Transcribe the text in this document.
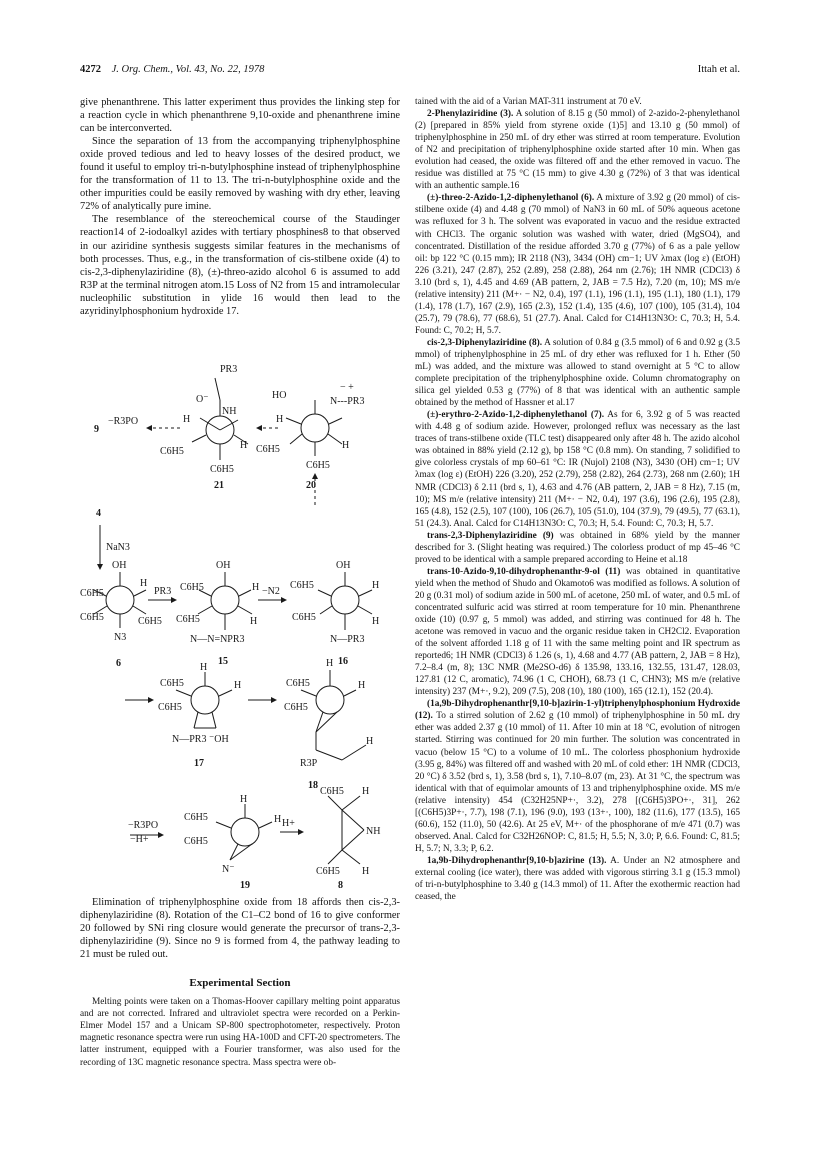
4272 J. Org. Chem., Vol. 43, No. 22, 1978	Ittah et al.

give phenanthrene. This latter experiment thus provides the linking step for a reaction cycle in which phenanthrene 9,10-oxide and phenanthrene imine can be interconverted.

Since the separation of 13 from the accompanying triphenylphosphine oxide proved tedious and led to heavy losses of the desired product, we found it useful to employ tri-n-butylphosphine instead of triphenylphosphine for the transformation of 11 to 13. The tri-n-butylphosphine oxide and the other impurities could be easily removed by washing with dry ether, leaving 72% of analytically pure imine.

The resemblance of the stereochemical course of the Staudinger reaction14 of 2-iodoalkyl azides with tertiary phosphines8 to that observed in our aziridine synthesis suggests similar features in the mechanisms of both processes. Thus, e.g., in the transformation of cis-stilbene oxide (4) to cis-2,3-diphenylaziridine (8), (±)-threo-azido alcohol 6 is assumed to add R3P at the terminal nitrogen atom.15 Loss of N2 from 15 and intramolecular nucleophilic substitution in ylide 16 would then lead to the azyridinylphosphonium hydroxide 17.

PR3
O⁻
NH
H
H
C6H5
C6H5
−R3PO
9
21
HO
− +
N---PR3
H
H
C6H5
C6H5
20
4
NaN3
OH
C6H5
H
C6H5	C6H5
N3
6
PR3
OH
C6H5	H
C6H5	H
N—N=NPR3
15
−N2
OH
C6H5	H
C6H5	H
N—PR3
16
H
C6H5	H
C6H5
N—PR3 ⁻OH
17
H
C6H5	H
C6H5
R3P
H
18
−R3PO
−H+
H
C6H5	H
C6H5
N⁻
19
H+
C6H5 H
NH
C6H5 H
8

Elimination of triphenylphosphine oxide from 18 affords then cis-2,3-diphenylaziridine (8). Rotation of the C1–C2 bond of 16 to give conformer 20 followed by SNi ring closure would generate the precursor of trans-2,3-diphenylaziridine (9). Since no 9 is formed from 4, the pathway leading to 21 must be ruled out.

Experimental Section

Melting points were taken on a Thomas-Hoover capillary melting point apparatus and are not corrected. Infrared and ultraviolet spectra were recorded on a Perkin-Elmer Model 157 and a Unicam SP-800 spectrophotometer, respectively. Proton magnetic resonance spectra were run using HA-100D and CFT-20 spectrometers. The latter instrument, equipped with a Fourier transformer, was also used for the recording of 13C magnetic resonance spectra. Mass spectra were ob-

tained with the aid of a Varian MAT-311 instrument at 70 eV.

2-Phenylaziridine (3). A solution of 8.15 g (50 mmol) of 2-azido-2-phenylethanol (2) [prepared in 85% yield from styrene oxide (1)5] and 13.10 g (50 mmol) of triphenylphosphine in 250 mL of dry ether was stirred at room temperature. Evolution of N2 and precipitation of triphenylphosphine oxide started after 10 min. When gas evolution had ceased, the oxide was filtered off and the ether removed in vacuo. The residue was distilled at 75 °C (15 mm) to give 4.30 g (72%) of 3 that was identical with an authentic sample.16

(±)-threo-2-Azido-1,2-diphenylethanol (6). A mixture of 3.92 g (20 mmol) of cis-stilbene oxide (4) and 4.48 g (70 mmol) of NaN3 in 60 mL of 50% aqueous acetone was refluxed for 3 h. The solvent was evaporated in vacuo and the residue extracted with CHCl3. The organic solution was washed with water, dried (MgSO4), and concentrated. Distillation of the residue afforded 3.70 g (77%) of 6 as a pale yellow oil: bp 122 °C (0.15 mm); IR 2118 (N3), 3434 (OH) cm−1; UV λmax (log ε) (EtOH) 226 (3.21), 247 (2.87), 252 (2.89), 258 (2.88), 264 nm (2.76); 1H NMR (CDCl3) δ 3.10 (brd s, 1), 4.45 and 4.69 (AB pattern, 2, JAB = 7.5 Hz), 7.20 (m, 10); MS m/e (relative intensity) 211 (M+· − N2, 0.4), 197 (1.1), 196 (1.1), 195 (1.1), 180 (1.1), 179 (1.4), 178 (1.7), 167 (2.9), 165 (2.3), 152 (1.4), 135 (4.6), 107 (100), 105 (31.4), 104 (25.7), 79 (78.6), 77 (68.6), 51 (27.7). Anal. Calcd for C14H13N3O: C, 70.3; H, 5.4. Found: C, 70.2; H, 5.7.

cis-2,3-Diphenylaziridine (8). A solution of 0.84 g (3.5 mmol) of 6 and 0.92 g (3.5 mmol) of triphenylphosphine in 25 mL of dry ether was refluxed for 1 h. Ether (50 mL) was added, and the mixture was allowed to stand overnight at 5 °C to allow complete precipitation of the triphenylphosphine oxide. Column chromatography on silica gel yielded 0.53 g (77%) of 8 that was identical with an authentic sample obtained by the method of Hassner et al.17

(±)-erythro-2-Azido-1,2-diphenylethanol (7). As for 6, 3.92 g of 5 was reacted with 4.48 g of sodium azide. However, prolonged reflux was necessary as the last traces of trans-stilbene oxide (TLC test) disappeared only after 48 h. The azido alcohol was obtained in 88% yield (2.12 g), bp 158 °C (0.8 mm). On standing, 7 solidified to give colorless crystals of mp 60–61 °C: IR (Nujol) 2108 (N3), 3430 (OH) cm−1; UV λmax (log ε) (EtOH) 226 (3.20), 252 (2.79), 258 (2.82), 264 (2.73), 268 nm (2.60); 1H NMR (CDCl3) δ 2.11 (brd s, 1), 4.63 and 4.76 (AB pattern, 2, JAB = 8 Hz), 7.15 (m, 10); MS m/e (relative intensity) 211 (M+· − N2, 0.4), 197 (3.6), 196 (2.6), 195 (2.8), 165 (4.8), 152 (2.5), 107 (100), 106 (26.7), 105 (51.0), 104 (37.9), 79 (49.5), 77 (63.1), 51 (24.3). Anal. Calcd for C14H13N3O: C, 70.3; H, 5.4. Found: C, 70.3; H, 5.7.

trans-2,3-Diphenylaziridine (9) was obtained in 68% yield by the manner described for 3. (Slight heating was required.) The colorless product of mp 45–46 °C proved to be identical with a sample prepared according to Heine et al.18

trans-10-Azido-9,10-dihydrophenanthr-9-ol (11) was obtained in quantitative yield when the method of Shudo and Okamoto6 was modified as follows. A solution of 20 g (0.31 mol) of sodium azide in 500 mL of acetone, 250 mL of water, and 0.5 mL of concentrated sulfuric acid was stirred at room temperature for 10 min. Phenanthrene oxide (10) (0.97 g, 5 mmol) was added, and stirring was continued for 48 h. The acetone was removed in vacuo and the organic residue taken in CH2Cl2. Evaporation of the solvent afforded 1.18 g of 11 with the same melting point and IR spectrum as reported6; 1H NMR (CDCl3) δ 1.26 (s, 1), 4.68 and 4.77 (AB pattern, 2, JAB = 8 Hz), 7.2–8.4 (m, 8); 13C NMR (Me2SO-d6) δ 135.98, 133.16, 132.55, 131.47, 128.03, 127.81 (12 C, aromatic), 74.96 (1 C, CHOH), 68.73 (1 C, CHN3); MS m/e (relative intensity) 237 (M+·, 9.2), 209 (7.5), 208 (10), 180 (100), 165 (12.1), 152 (20.4).

(1a,9b-Dihydrophenanthr[9,10-b]azirin-1-yl)triphenylphosphonium Hydroxide (12). To a stirred solution of 2.62 g (10 mmol) of triphenylphosphine in 50 mL dry ether was added 2.37 g (10 mmol) of 11. After 10 min at 18 °C, evolution of nitrogen started. Stirring was continued for 20 min further. The solution was concentrated in vacuo (below 15 °C) to a volume of 10 mL. The colorless phosphonium hydroxide (3.95 g, 84%) was filtered off and washed with 20 mL of cold ether: 1H NMR (CDCl3, 20 °C) δ 3.52 (brd s, 1), 3.58 (brd s, 1), 7.10–8.07 (m, 23). At 31 °C, the spectrum was identical with that of equimolar amounts of 13 and triphenylphosphine oxide. MS m/e (relative intensity) 454 (C32H25NP+·, 3.2), 278 [(C6H5)3PO+·, 31], 262 [(C6H5)3P+·, 7.7), 198 (7.1), 196 (9.0), 193 (13+·, 100), 182 (11.6), 177 (13.5), 165 (60.6), 152 (11.0), 50 (42.6). At 25 eV, M+· of the phosphorane of m/e 471 (0.7) was observed. Anal. Calcd for C32H26NOP: C, 81.5; H, 5.5; N, 3.0; P, 6.6. Found: C, 81.5; H, 5.7; N, 3.3; P, 6.2.

1a,9b-Dihydrophenanthr[9,10-b]azirine (13). A. Under an N2 atmosphere and external cooling (ice water), there was added with vigorous stirring 3.1 g (15.3 mmol) of tri-n-butylphosphine to 3.40 g (14.3 mmol) of 11. After the exothermic reaction had ceased, the
